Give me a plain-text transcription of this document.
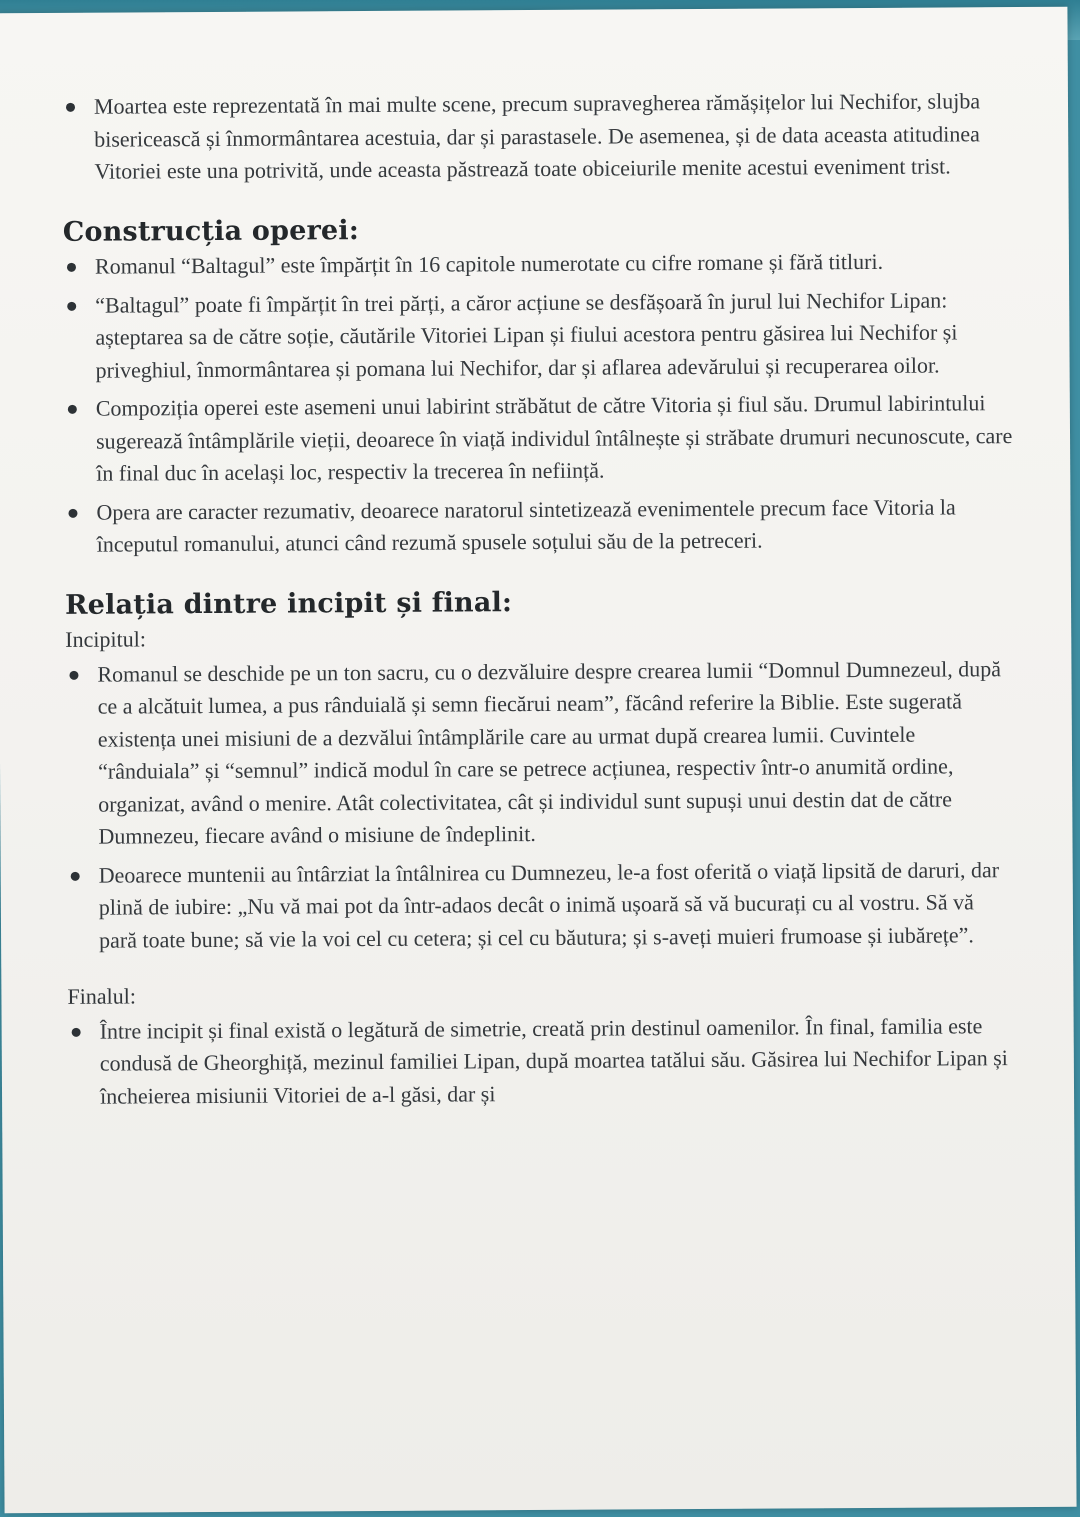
Moartea este reprezentată în mai multe scene, precum supravegherea rămășițelor lui Nechifor, slujba bisericească și înmormântarea acestuia, dar și parastasele. De asemenea, și de data aceasta atitudinea Vitoriei este una potrivită, unde aceasta păstrează toate obiceiurile menite acestui eveniment trist.
Construcția operei:
Romanul “Baltagul” este împărțit în 16 capitole numerotate cu cifre romane și fără titluri.
“Baltagul” poate fi împărțit în trei părți, a căror acțiune se desfășoară în jurul lui Nechifor Lipan: așteptarea sa de către soție, căutările Vitoriei Lipan și fiului acestora pentru găsirea lui Nechifor și priveghiul, înmormântarea și pomana lui Nechifor, dar și aflarea adevărului și recuperarea oilor.
Compoziția operei este asemeni unui labirint străbătut de către Vitoria și fiul său. Drumul labirintului sugerează întâmplările vieții, deoarece în viață individul întâlnește și străbate drumuri necunoscute, care în final duc în același loc, respectiv la trecerea în neființă.
Opera are caracter rezumativ, deoarece naratorul sintetizează evenimentele precum face Vitoria la începutul romanului, atunci când rezumă spusele soțului său de la petreceri.
Relația dintre incipit și final:
Incipitul:
Romanul se deschide pe un ton sacru, cu o dezvăluire despre crearea lumii “Domnul Dumnezeul, după ce a alcătuit lumea, a pus rânduială și semn fiecărui neam”, făcând referire la Biblie. Este sugerată existența unei misiuni de a dezvălui întâmplările care au urmat după crearea lumii. Cuvintele “rânduiala” și “semnul” indică modul în care se petrece acțiunea, respectiv într-o anumită ordine, organizat, având o menire. Atât colectivitatea, cât și individul sunt supuși unui destin dat de către Dumnezeu, fiecare având o misiune de îndeplinit.
Deoarece muntenii au întârziat la întâlnirea cu Dumnezeu, le-a fost oferită o viață lipsită de daruri, dar plină de iubire: „Nu vă mai pot da într-adaos decât o inimă ușoară să vă bucurați cu al vostru. Să vă pară toate bune; să vie la voi cel cu cetera; și cel cu băutura; și s-aveți muieri frumoase și iubărețe”.
Finalul:
Între incipit și final există o legătură de simetrie, creată prin destinul oamenilor. În final, familia este condusă de Gheorghiță, mezinul familiei Lipan, după moartea tatălui său. Găsirea lui Nechifor Lipan și încheierea misiunii Vitoriei de a-l găsi, dar și
